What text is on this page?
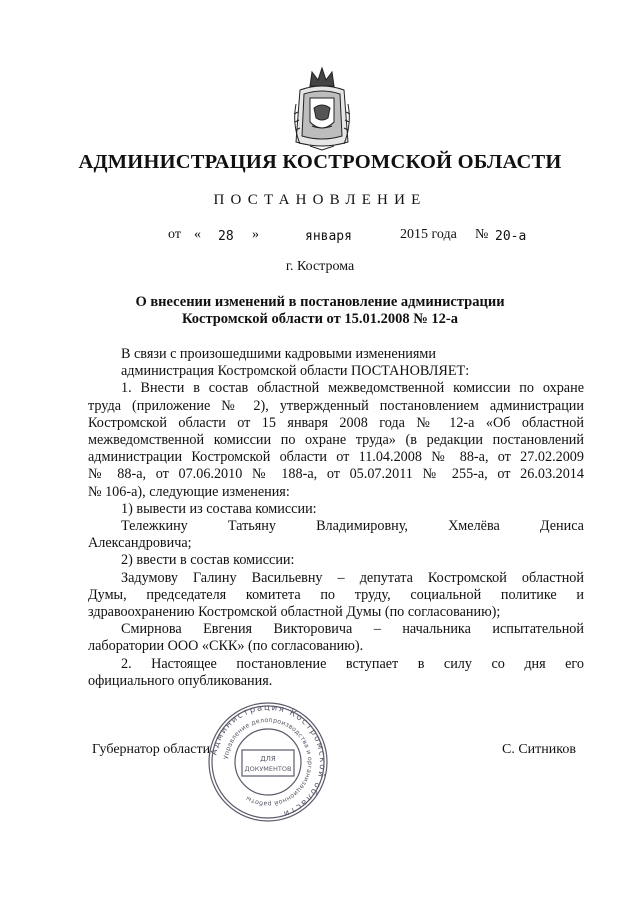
АДМИНИСТРАЦИЯ КОСТРОМСКОЙ ОБЛАСТИ
ПОСТАНОВЛЕНИЕ
от « 28 »	января	2015 года № 20-а
г. Кострома
О внесении изменений в постановление администрации
Костромской области от 15.01.2008 № 12-а

В связи с произошедшими кадровыми изменениями

администрация Костромской области ПОСТАНОВЛЯЕТ:

1. Внести в состав областной межведомственной комиссии по охране

труда (приложение № 2), утвержденный постановлением администрации

Костромской области от 15 января 2008 года № 12-а «Об областной

межведомственной комиссии по охране труда» (в редакции постановлений

администрации Костромской области от 11.04.2008 № 88-а, от 27.02.2009

№ 88-а, от 07.06.2010 № 188-а, от 05.07.2011 № 255-а, от 26.03.2014

№ 106-а), следующие изменения:

1) вывести из состава комиссии:

Тележкину	Татьяну	Владимировну,	Хмелёва	Дениса

Александровича;

2) ввести в состав комиссии:

Задумову Галину Васильевну – депутата Костромской областной

Думы, председателя комитета по труду, социальной политике и

здравоохранению Костромской областной Думы (по согласованию);

Смирнова Евгения Викторовича – начальника испытательной

лаборатории ООО «СКК» (по согласованию).

2. Настоящее постановление вступает в силу со дня его

официального опубликования.

Губернатор области	С. Ситников
Администрация Костромской области
Управление делопроизводства и организационной работы
ДЛЯ
ДОКУМЕНТОВ
